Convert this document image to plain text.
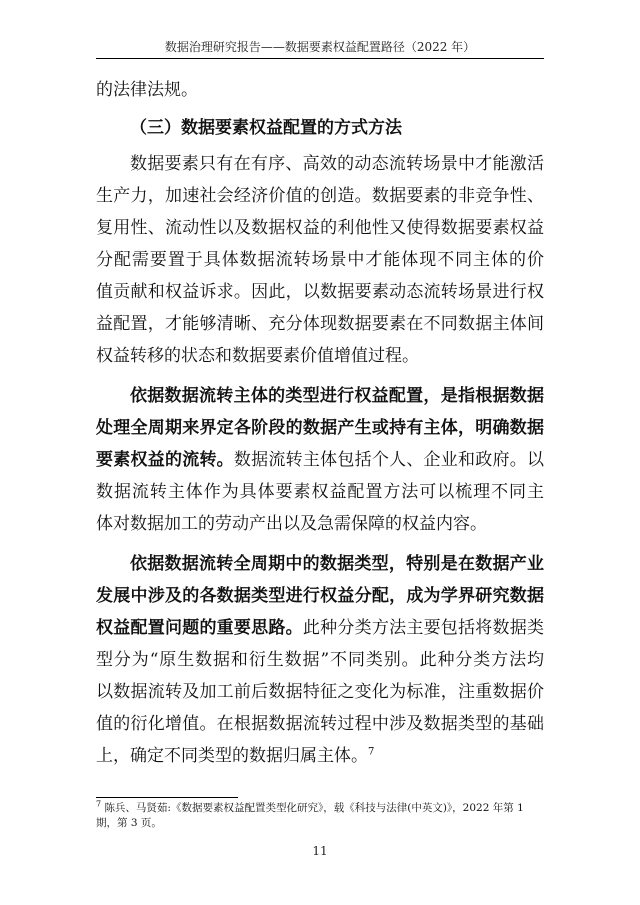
数据治理研究报告——数据要素权益配置路径（2022 年）
的法律法规。
（三）数据要素权益配置的方式方法
数据要素只有在有序、高效的动态流转场景中才能激活
生产力，加速社会经济价值的创造。数据要素的非竞争性、
复用性、流动性以及数据权益的利他性又使得数据要素权益
分配需要置于具体数据流转场景中才能体现不同主体的价
值贡献和权益诉求。因此，以数据要素动态流转场景进行权
益配置，才能够清晰、充分体现数据要素在不同数据主体间
权益转移的状态和数据要素价值增值过程。
依据数据流转主体的类型进行权益配置，是指根据数据
处理全周期来界定各阶段的数据产生或持有主体，明确数据
要素权益的流转。数据流转主体包括个人、企业和政府。以
数据流转主体作为具体要素权益配置方法可以梳理不同主
体对数据加工的劳动产出以及急需保障的权益内容。
依据数据流转全周期中的数据类型，特别是在数据产业
发展中涉及的各数据类型进行权益分配，成为学界研究数据
权益配置问题的重要思路。此种分类方法主要包括将数据类
型分为“原生数据和衍生数据”不同类别。此种分类方法均
以数据流转及加工前后数据特征之变化为标准，注重数据价
值的衍化增值。在根据数据流转过程中涉及数据类型的基础
上，确定不同类型的数据归属主体。$^7$
$^7$ 陈兵、马贤茹:《数据要素权益配置类型化研究》，载《科技与法律(中英文)》，2022 年第 1 期，第 3 页。
11
